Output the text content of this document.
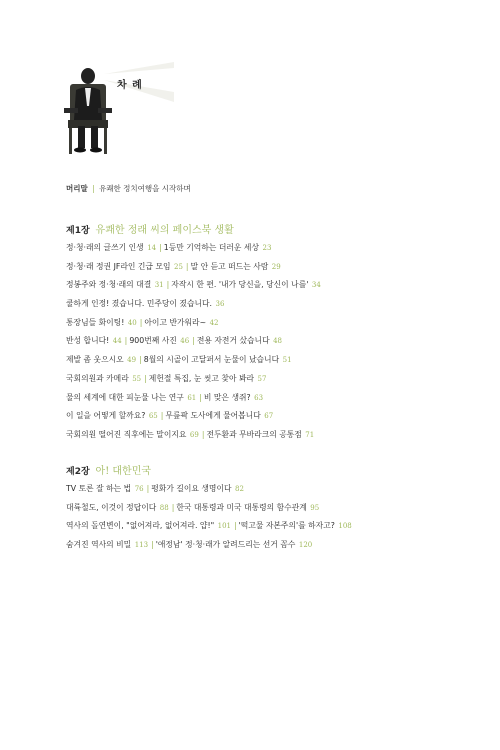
차 례
머리말 | 유쾌한 정치여행을 시작하며
제1장 유쾌한 정래 씨의 페이스북 생활
정·청·래의 글쓰기 인생 14 | 1등만 기억하는 더러운 세상 23
정·청·래 정권 JF라인 긴급 모임 25 | 말 안 듣고 떠드는 사람 29
정봉주와 정·청·래의 대결 31 | 자작시 한 편. '내가 당신을, 당신이 나를' 34
쿨하게 인정! 졌습니다. 민주당이 졌습니다. 36
통장님들 화이팅! 40 | 아이고 반가워라~ 42
반성 합니다! 44 | 900번째 사진 46 | 전용 자전거 샀습니다 48
제발 좀 웃으시오 49 | 8월의 시골이 고달퍼서 눈물이 났습니다 51
국회의원과 카메라 55 | 제헌절 특집, 눈 씻고 찾아 봐라 57
물의 세계에 대한 피눈물 나는 연구 61 | 비 맞은 생쥐? 63
이 일을 어떻게 할까요? 65 | 무릎팍 도사에게 물어봅니다 67
국회의원 떨어진 직후에는 말이지요 69 | 전두환과 무바라크의 공통점 71
제2장 아! 대한민국
TV 토론 잘 하는 법 76 | 평화가 길이요 생명이다 82
대륙철도, 이것이 정답이다 88 | 한국 대통령과 미국 대통령의 함수관계 95
역사의 돌연변이, "없어져라, 없어져라. 얍!" 101 | '떡고물 자본주의'를 하자고? 108
숨겨진 역사의 비밀 113 | '애정남' 정·청·래가 알려드리는 선거 꼼수 120
